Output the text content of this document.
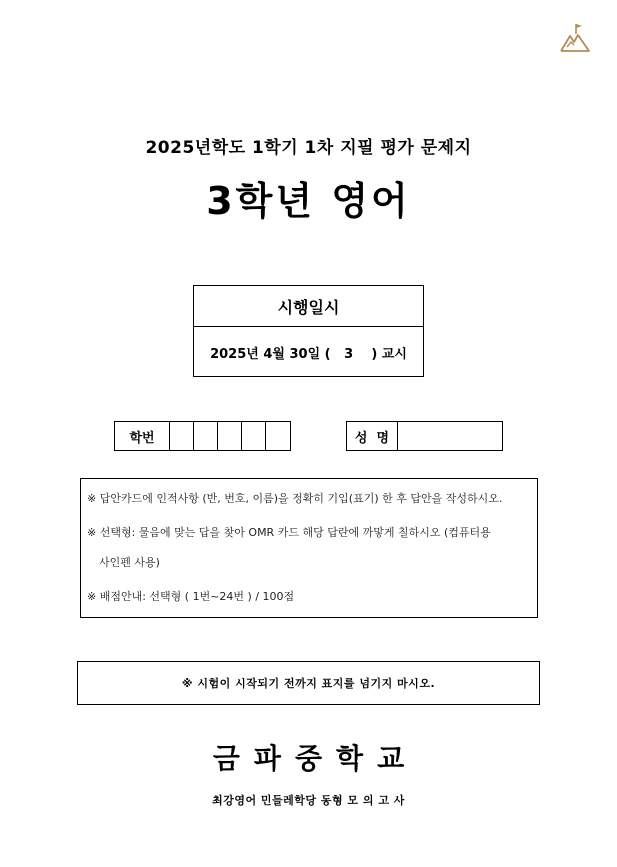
2025년학도 1학기 1차 지필 평가 문제지
3학년 영어
시행일시
2025년 4월 30일 (   3    ) 교시
학번	성  명
※ 답안카드에 인적사항 (반, 번호, 이름)을 정확히 기입(표기) 한 후 답안을 작성하시오.
※ 선택형: 물음에 맞는 답을 찾아 OMR 카드 해당 답란에 까맣게 칠하시오 (컴퓨터용
사인펜 사용)
※ 배점안내: 선택형 ( 1번~24번 ) / 100점
※ 시험이 시작되기 전까지 표지를 넘기지 마시오.
금파중학교
최강영어 민들레학당 동형 모 의 고 사
